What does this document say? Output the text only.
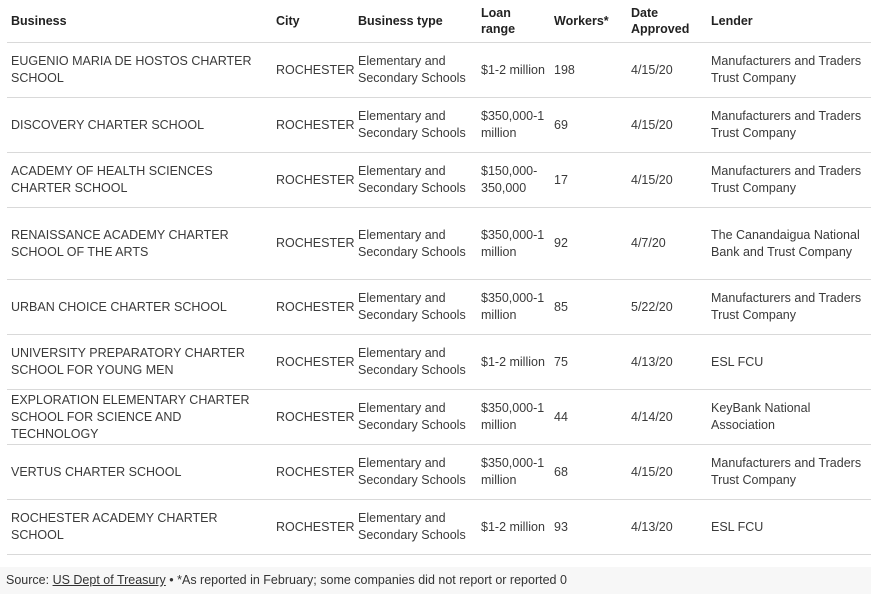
Business	City	Business type	Loan range	Workers*	Date Approved	Lender
EUGENIO MARIA DE HOSTOS CHARTER SCHOOL	ROCHESTER	Elementary and Secondary Schools	$1-2 million	198	4/15/20	Manufacturers and Traders Trust Company
DISCOVERY CHARTER SCHOOL	ROCHESTER	Elementary and Secondary Schools	$350,000-1 million	69	4/15/20	Manufacturers and Traders Trust Company
ACADEMY OF HEALTH SCIENCES CHARTER SCHOOL	ROCHESTER	Elementary and Secondary Schools	$150,000-350,000	17	4/15/20	Manufacturers and Traders Trust Company
RENAISSANCE ACADEMY CHARTER SCHOOL OF THE ARTS	ROCHESTER	Elementary and Secondary Schools	$350,000-1 million	92	4/7/20	The Canandaigua National Bank and Trust Company
URBAN CHOICE CHARTER SCHOOL	ROCHESTER	Elementary and Secondary Schools	$350,000-1 million	85	5/22/20	Manufacturers and Traders Trust Company
UNIVERSITY PREPARATORY CHARTER SCHOOL FOR YOUNG MEN	ROCHESTER	Elementary and Secondary Schools	$1-2 million	75	4/13/20	ESL FCU
EXPLORATION ELEMENTARY CHARTER SCHOOL FOR SCIENCE AND TECHNOLOGY	ROCHESTER	Elementary and Secondary Schools	$350,000-1 million	44	4/14/20	KeyBank National Association
VERTUS CHARTER SCHOOL	ROCHESTER	Elementary and Secondary Schools	$350,000-1 million	68	4/15/20	Manufacturers and Traders Trust Company
ROCHESTER ACADEMY CHARTER SCHOOL	ROCHESTER	Elementary and Secondary Schools	$1-2 million	93	4/13/20	ESL FCU
Source: US Dept of Treasury • *As reported in February; some companies did not report or reported 0
